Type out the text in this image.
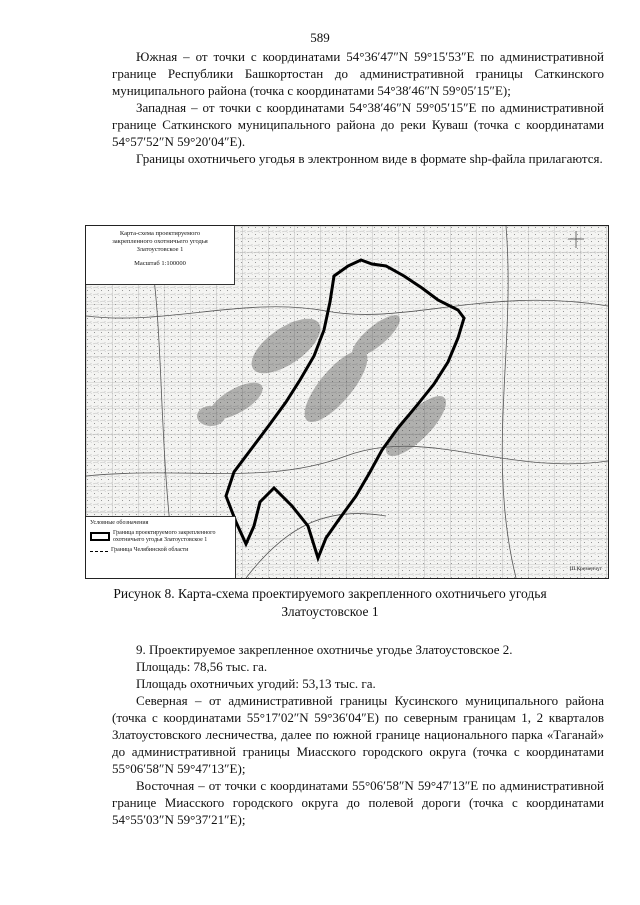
589

Южная – от точки с координатами 54°36′47″N 59°15′53″E по административной границе Республики Башкортостан до административной границы Саткинского муниципального района (точка с координатами 54°38′46″N 59°05′15″E);

Западная – от точки с координатами 54°38′46″N 59°05′15″E по административной границе Саткинского муниципального района до реки Куваш (точка с координатами 54°57′52″N 59°20′04″E).

Границы охотничьего угодья в электронном виде в формате shp-файла прилагаются.

Карта-схема проектируемого
закрепленного охотничьего угодья
Златоустовское 1
Масштаб 1:100000
Условные обозначения
Граница проектируемого закрепленного охотничьего угодья Златоустовское 1
Граница Челябинской области
Ш.Кременчуг
Рисунок 8. Карта-схема проектируемого закрепленного охотничьего угодья
Златоустовское 1

9. Проектируемое закрепленное охотничье угодье Златоустовское 2.

Площадь: 78,56 тыс. га.

Площадь охотничьих угодий: 53,13 тыс. га.

Северная – от административной границы Кусинского муниципального района (точка с координатами 55°17′02″N 59°36′04″E) по северным границам 1, 2 кварталов Златоустовского лесничества, далее по южной границе национального парка «Таганай» до административной границы Миасского городского округа (точка с координатами 55°06′58″N 59°47′13″E);

Восточная – от точки с координатами 55°06′58″N 59°47′13″E по административной границе Миасского городского округа до полевой дороги (точка с координатами 54°55′03″N 59°37′21″E);
